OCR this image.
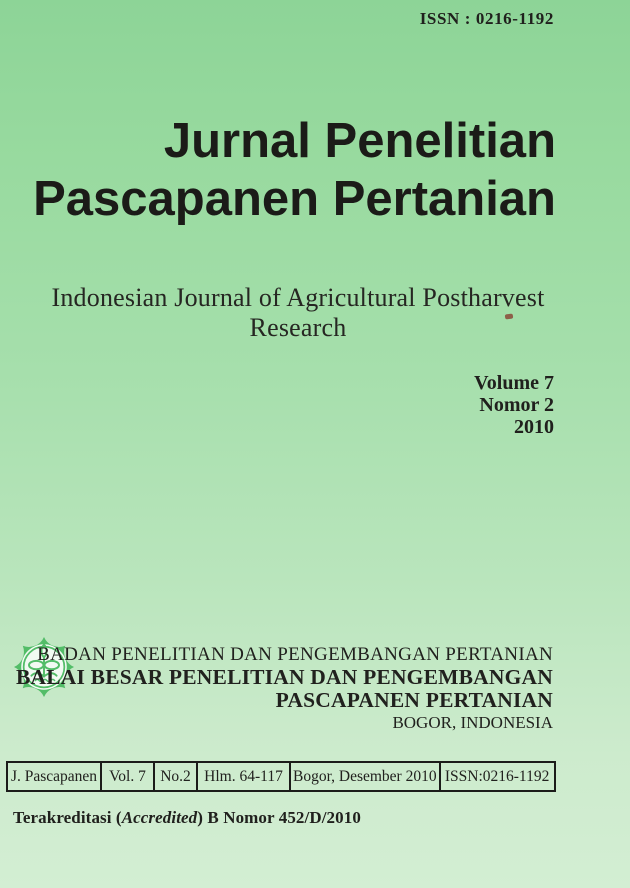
ISSN : 0216-1192
Jurnal Penelitian
Pascapanen Pertanian
Indonesian Journal of Agricultural Postharvest Research
Volume 7
Nomor 2
2010
BADAN PENELITIAN DAN PENGEMBANGAN PERTANIAN
BALAI BESAR PENELITIAN DAN PENGEMBANGAN
PASCAPANEN PERTANIAN
BOGOR, INDONESIA
J. Pascapanen	Vol. 7	No.2	Hlm. 64-117	Bogor, Desember 2010	ISSN:0216-1192
Terakreditasi (Accredited) B Nomor 452/D/2010
